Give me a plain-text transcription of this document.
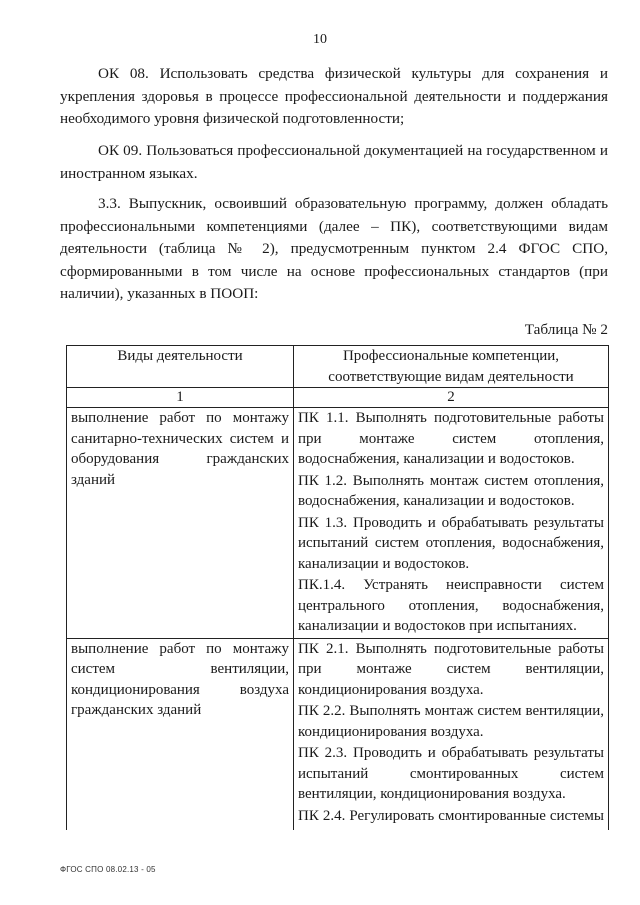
10

ОК 08. Использовать средства физической культуры для сохранения и укрепления здоровья в процессе профессиональной деятельности и поддержания необходимого уровня физической подготовленности;

ОК 09. Пользоваться профессиональной документацией на государственном и иностранном языках.

3.3. Выпускник, освоивший образовательную программу, должен обладать профессиональными компетенциями (далее – ПК), соответствующими видам деятельности (таблица № 2), предусмотренным пунктом 2.4 ФГОС СПО, сформированными в том числе на основе профессиональных стандартов (при наличии), указанных в ПООП:

Таблица № 2
Виды деятельности	Профессиональные компетенции, соответствующие видам деятельности
1	2
выполнение работ по монтажу санитарно-технических систем и оборудования гражданских зданий	ПК 1.1. Выполнять подготовительные работы при монтаже систем отопления, водоснабжения, канализации и водостоков.
ПК 1.2. Выполнять монтаж систем отопления, водоснабжения, канализации и водостоков.
ПК 1.3. Проводить и обрабатывать результаты испытаний систем отопления, водоснабжения, канализации и водостоков.
ПК.1.4. Устранять неисправности систем центрального отопления, водоснабжения, канализации и водостоков при испытаниях.

выполнение работ по монтажу систем вентиляции, кондиционирования воздуха гражданских зданий	ПК 2.1. Выполнять подготовительные работы при монтаже систем вентиляции, кондиционирования воздуха.
ПК 2.2. Выполнять монтаж систем вентиляции, кондиционирования воздуха.
ПК 2.3. Проводить и обрабатывать результаты испытаний смонтированных систем вентиляции, кондиционирования воздуха.
ПК 2.4. Регулировать смонтированные системы
ФГОС СПО 08.02.13 - 05
